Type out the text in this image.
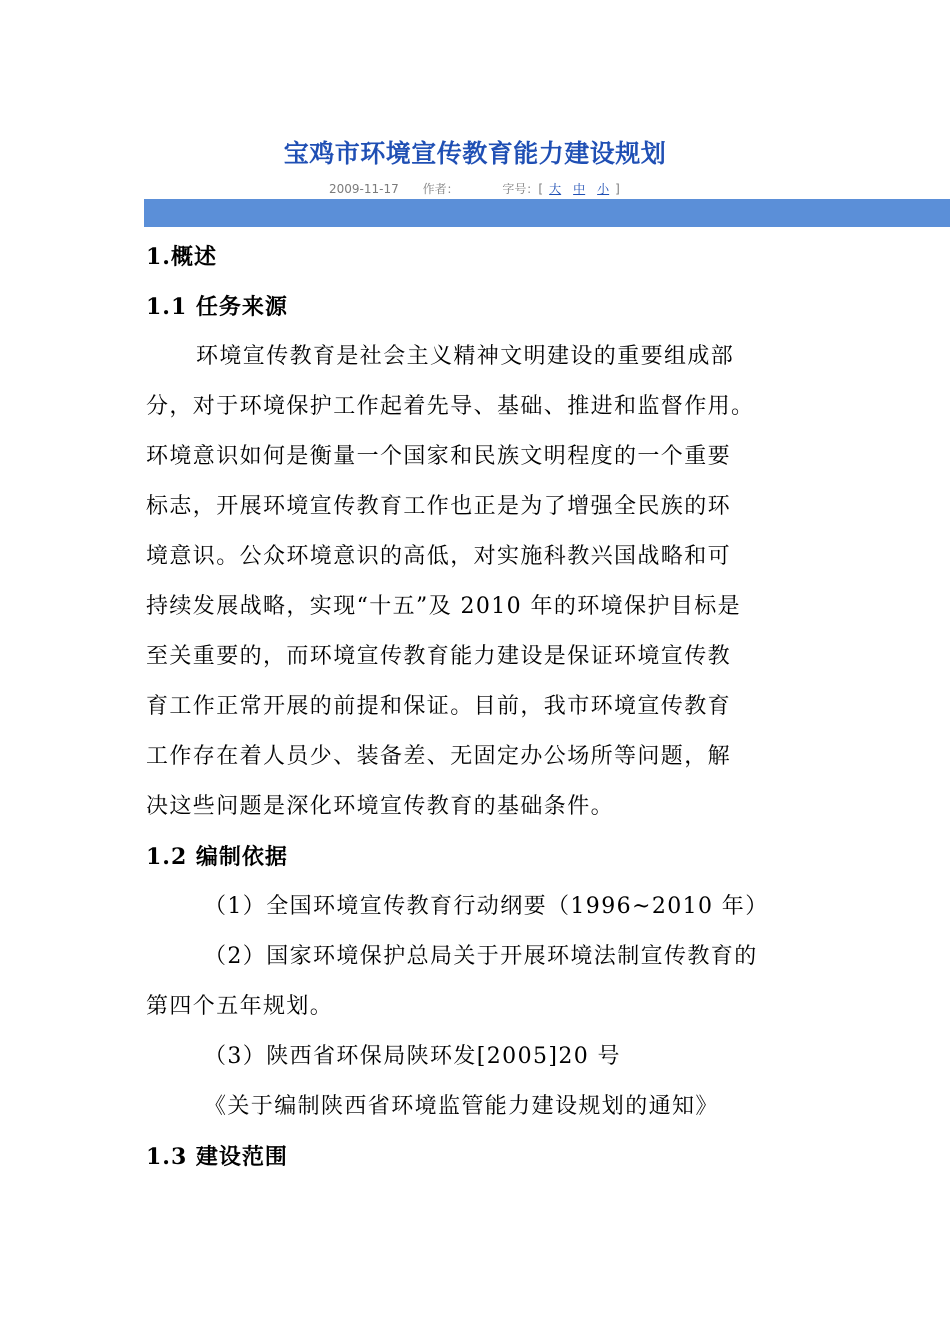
宝鸡市环境宣传教育能力建设规划
2009-11-17 作者：	字号：[ 大 中 小 ]
1.概述
1.1 任务来源
环境宣传教育是社会主义精神文明建设的重要组成部
分，对于环境保护工作起着先导、基础、推进和监督作用。
环境意识如何是衡量一个国家和民族文明程度的一个重要
标志，开展环境宣传教育工作也正是为了增强全民族的环
境意识。公众环境意识的高低，对实施科教兴国战略和可
持续发展战略，实现“十五”及 2010 年的环境保护目标是
至关重要的，而环境宣传教育能力建设是保证环境宣传教
育工作正常开展的前提和保证。目前，我市环境宣传教育
工作存在着人员少、装备差、无固定办公场所等问题，解
决这些问题是深化环境宣传教育的基础条件。
1.2 编制依据
（1）全国环境宣传教育行动纲要（1996~2010 年）
（2）国家环境保护总局关于开展环境法制宣传教育的
第四个五年规划。
（3）陕西省环保局陕环发[2005]20 号
《关于编制陕西省环境监管能力建设规划的通知》
1.3 建设范围
